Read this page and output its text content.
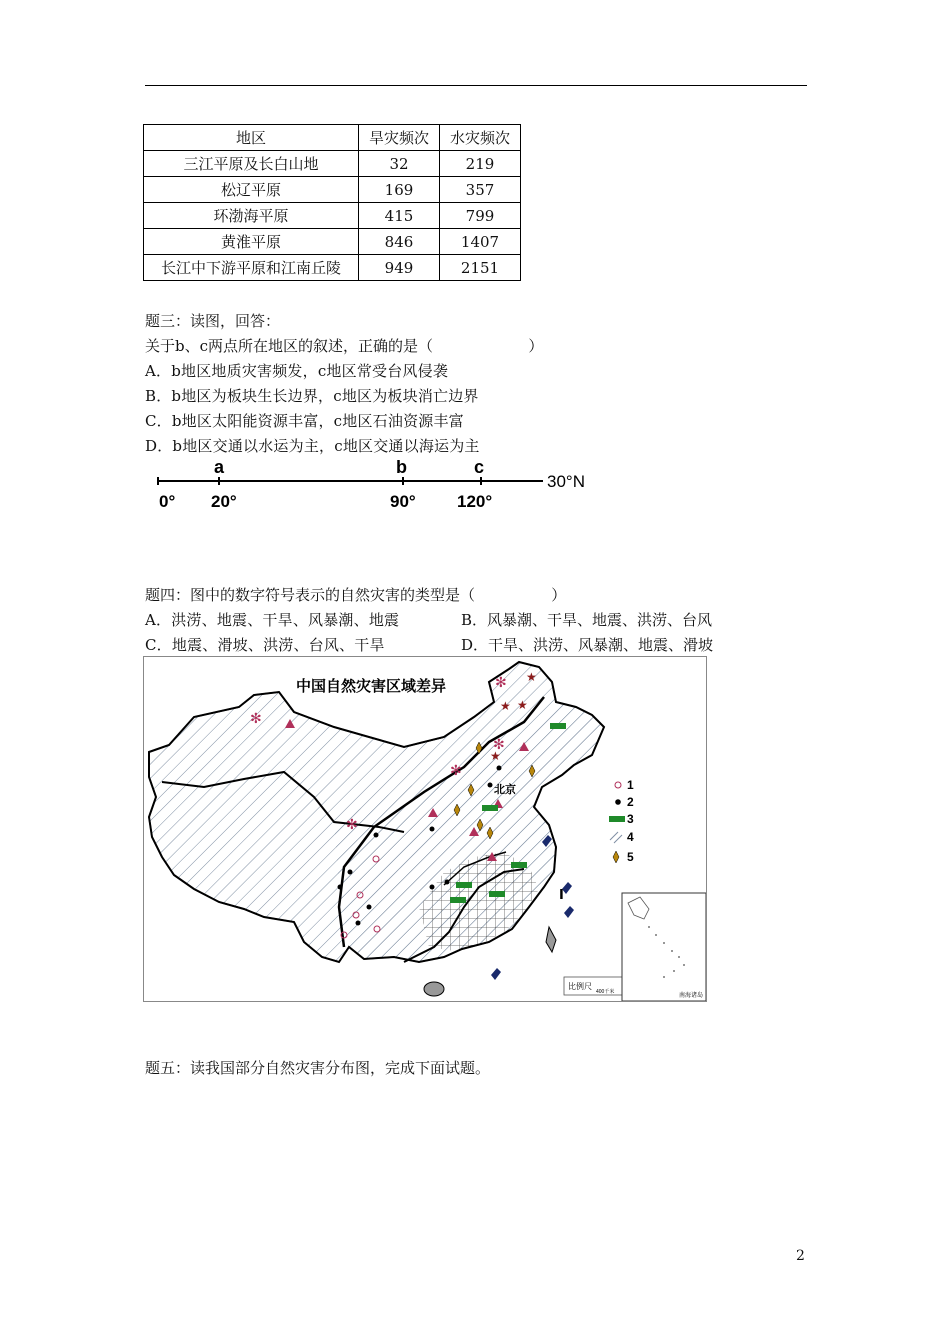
地区	旱灾频次	水灾频次
三江平原及长白山地	32	219
松辽平原	169	357
环渤海平原	415	799
黄淮平原	846	1407
长江中下游平原和江南丘陵	949	2151
题三：读图，回答：
关于b、c两点所在地区的叙述，正确的是（                    ）
A．b地区地质灾害频发，c地区常受台风侵袭
B．b地区为板块生长边界，c地区为板块消亡边界
C．b地区太阳能资源丰富，c地区石油资源丰富
D．b地区交通以水运为主，c地区交通以海运为主
a	b	c
0° 20°	90° 120°
30°N
题四：图中的数字符号表示的自然灾害的类型是（                ）
A．洪涝、地震、干旱、风暴潮、地震	B．风暴潮、干旱、地震、洪涝、台风
C．地震、滑坡、洪涝、台风、干旱	D．干旱、洪涝、风暴潮、地震、滑坡
中国自然灾害区域差异
北京
✻
✻
✻
✻
✻ ★
★ ★
★
I
1
2
3
4
5
比例尺
400千米
南海诸岛
题五：读我国部分自然灾害分布图，完成下面试题。
2
